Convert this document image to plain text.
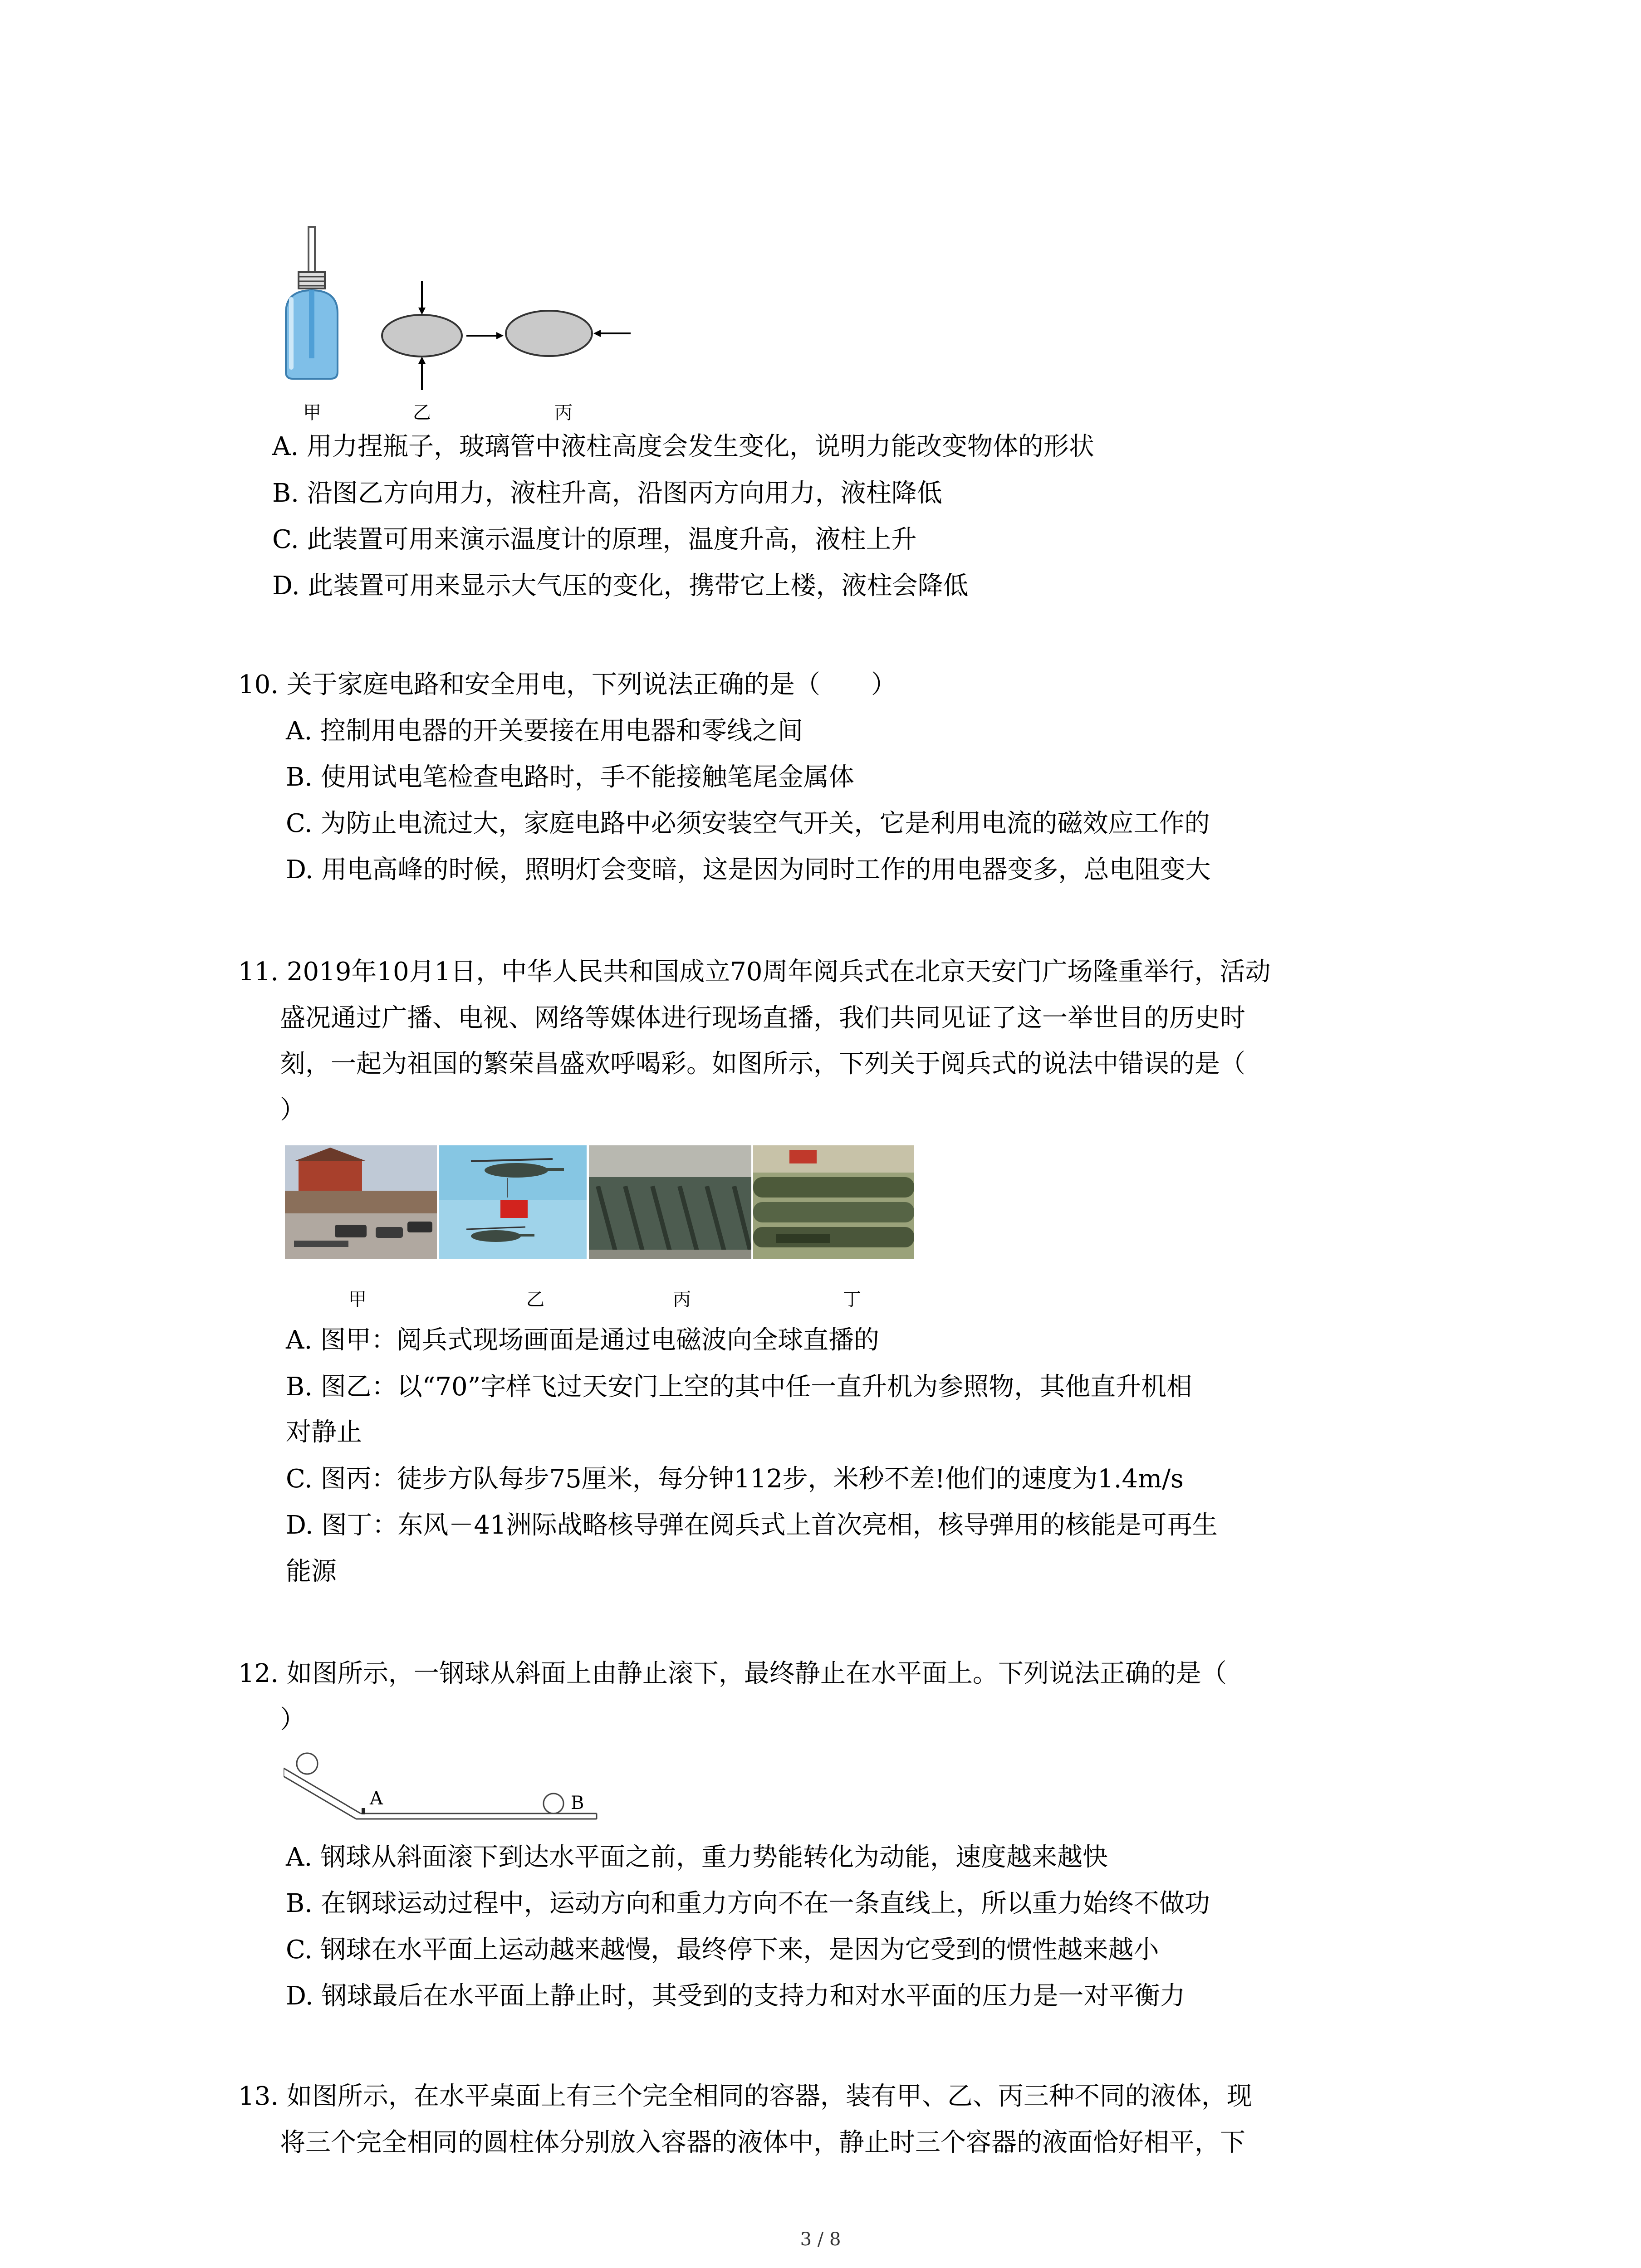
甲	乙	丙
A. 用力捏瓶子，玻璃管中液柱高度会发生变化，说明力能改变物体的形状
B. 沿图乙方向用力，液柱升高，沿图丙方向用力，液柱降低
C. 此装置可用来演示温度计的原理，温度升高，液柱上升
D. 此装置可用来显示大气压的变化，携带它上楼，液柱会降低
10. 关于家庭电路和安全用电，下列说法正确的是（　　）
A. 控制用电器的开关要接在用电器和零线之间
B. 使用试电笔检查电路时，手不能接触笔尾金属体
C. 为防止电流过大，家庭电路中必须安装空气开关，它是利用电流的磁效应工作的
D. 用电高峰的时候，照明灯会变暗，这是因为同时工作的用电器变多，总电阻变大
11. 2019年10月1日，中华人民共和国成立70周年阅兵式在北京天安门广场隆重举行，活动
盛况通过广播、电视、网络等媒体进行现场直播，我们共同见证了这一举世目的历史时
刻，一起为祖国的繁荣昌盛欢呼喝彩。如图所示，下列关于阅兵式的说法中错误的是（
）
甲	乙	丙	丁
A. 图甲：阅兵式现场画面是通过电磁波向全球直播的
B. 图乙：以“70”字样飞过天安门上空的其中任一直升机为参照物，其他直升机相
对静止
C. 图丙：徒步方队每步75厘米，每分钟112步，米秒不差!他们的速度为1.4m/s
D. 图丁：东风－41洲际战略核导弹在阅兵式上首次亮相，核导弹用的核能是可再生
能源
12. 如图所示，一钢球从斜面上由静止滚下，最终静止在水平面上。下列说法正确的是（
）
A	B
A. 钢球从斜面滚下到达水平面之前，重力势能转化为动能，速度越来越快
B. 在钢球运动过程中，运动方向和重力方向不在一条直线上，所以重力始终不做功
C. 钢球在水平面上运动越来越慢，最终停下来，是因为它受到的惯性越来越小
D. 钢球最后在水平面上静止时，其受到的支持力和对水平面的压力是一对平衡力
13. 如图所示，在水平桌面上有三个完全相同的容器，装有甲、乙、丙三种不同的液体，现
将三个完全相同的圆柱体分别放入容器的液体中，静止时三个容器的液面恰好相平，下
3 / 8
